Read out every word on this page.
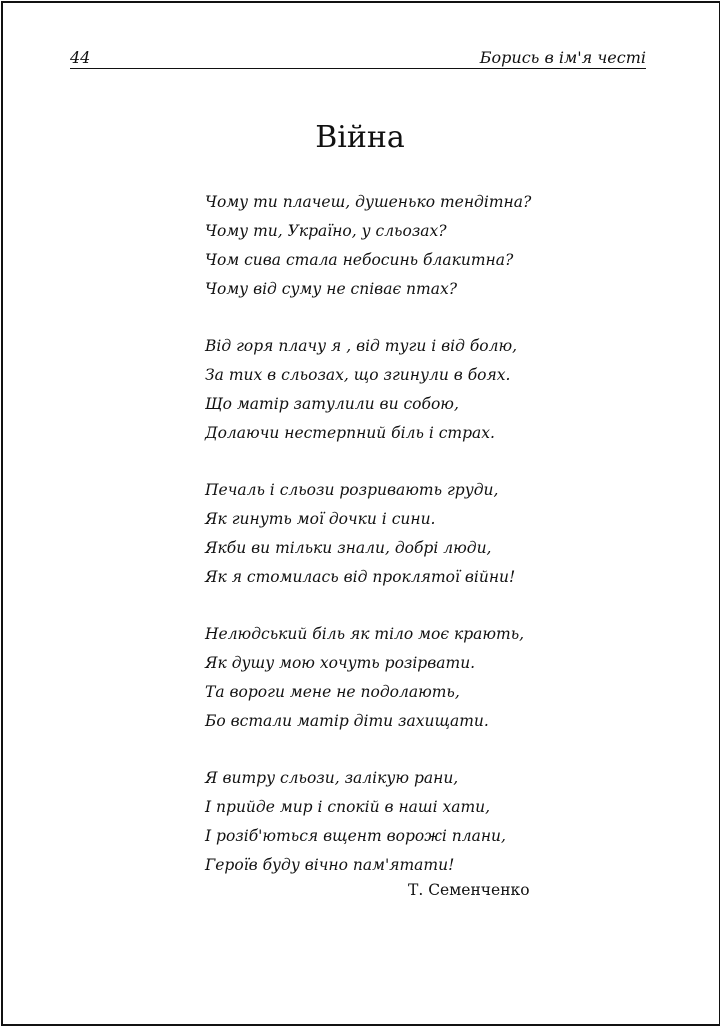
44	Борись в ім'я честі
Війна
Чому ти плачеш, душенько тендітна?
Чому ти, Україно, у сльозах?
Чом сива стала небосинь блакитна?
Чому від суму не співає птах?
Від горя плачу я , від туги і від болю,
За тих в сльозах, що згинули в боях.
Що матір затулили ви собою,
Долаючи нестерпний біль і страх.
Печаль і сльози розривають груди,
Як гинуть мої дочки і сини.
Якби ви тільки знали, добрі люди,
Як я стомилась від проклятої війни!
Нелюдський біль як тіло моє крають,
Як душу мою хочуть розірвати.
Та вороги мене не подолають,
Бо встали матір діти захищати.
Я витру сльози, залікую рани,
І прийде мир і спокій в наші хати,
І розіб'ються вщент ворожі плани,
Героїв буду вічно пам'ятати!
Т. Семенченко
